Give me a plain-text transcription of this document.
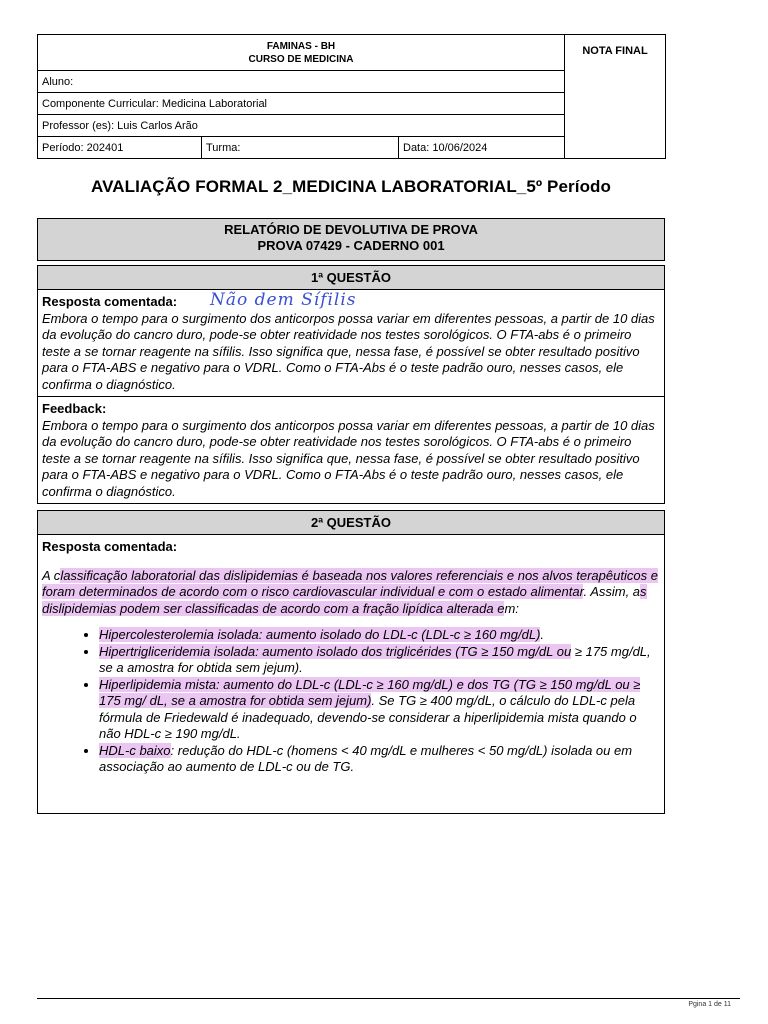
FAMINAS - BH
CURSO DE MEDICINA			NOTA FINAL
Aluno:			
Componente Curricular: Medicina Laboratorial			
Professor (es): Luis Carlos Arão			
Período: 202401	Turma:	Data: 10/06/2024	
AVALIAÇÃO FORMAL 2_MEDICINA LABORATORIAL_5º Período
RELATÓRIO DE DEVOLUTIVA DE PROVA
PROVA 07429 - CADERNO 001
1ª QUESTÃO
Resposta comentada:
Embora o tempo para o surgimento dos anticorpos possa variar em diferentes pessoas, a partir de 10 dias da evolução do cancro duro, pode-se obter reatividade nos testes sorológicos. O FTA-abs é o primeiro teste a se tornar reagente na sífilis. Isso significa que, nessa fase, é possível se obter resultado positivo para o FTA-ABS e negativo para o VDRL. Como o FTA-Abs é o teste padrão ouro, nesses casos, ele confirma o diagnóstico.
Feedback:
Embora o tempo para o surgimento dos anticorpos possa variar em diferentes pessoas, a partir de 10 dias da evolução do cancro duro, pode-se obter reatividade nos testes sorológicos. O FTA-abs é o primeiro teste a se tornar reagente na sífilis. Isso significa que, nessa fase, é possível se obter resultado positivo para o FTA-ABS e negativo para o VDRL. Como o FTA-Abs é o teste padrão ouro, nesses casos, ele confirma o diagnóstico.
Não dem Sífilis
2ª QUESTÃO
Resposta comentada:
A classificação laboratorial das dislipidemias é baseada nos valores referenciais e nos alvos terapêuticos e foram determinados de acordo com o risco cardiovascular individual e com o estado alimentar. Assim, as dislipidemias podem ser classificadas de acordo com a fração lipídica alterada em:
• Hipercolesterolemia isolada: aumento isolado do LDL-c (LDL-c ≥ 160 mg/dL).
• Hipertrigliceridemia isolada: aumento isolado dos triglicérides (TG ≥ 150 mg/dL ou ≥ 175 mg/dL, se a amostra for obtida sem jejum).
• Hiperlipidemia mista: aumento do LDL-c (LDL-c ≥ 160 mg/dL) e dos TG (TG ≥ 150 mg/dL ou ≥ 175 mg/ dL, se a amostra for obtida sem jejum). Se TG ≥ 400 mg/dL, o cálculo do LDL-c pela fórmula de Friedewald é inadequado, devendo-se considerar a hiperlipidemia mista quando o não HDL-c ≥ 190 mg/dL.
• HDL-c baixo: redução do HDL-c (homens < 40 mg/dL e mulheres < 50 mg/dL) isolada ou em associação ao aumento de LDL-c ou de TG.
Pgina 1 de 11
